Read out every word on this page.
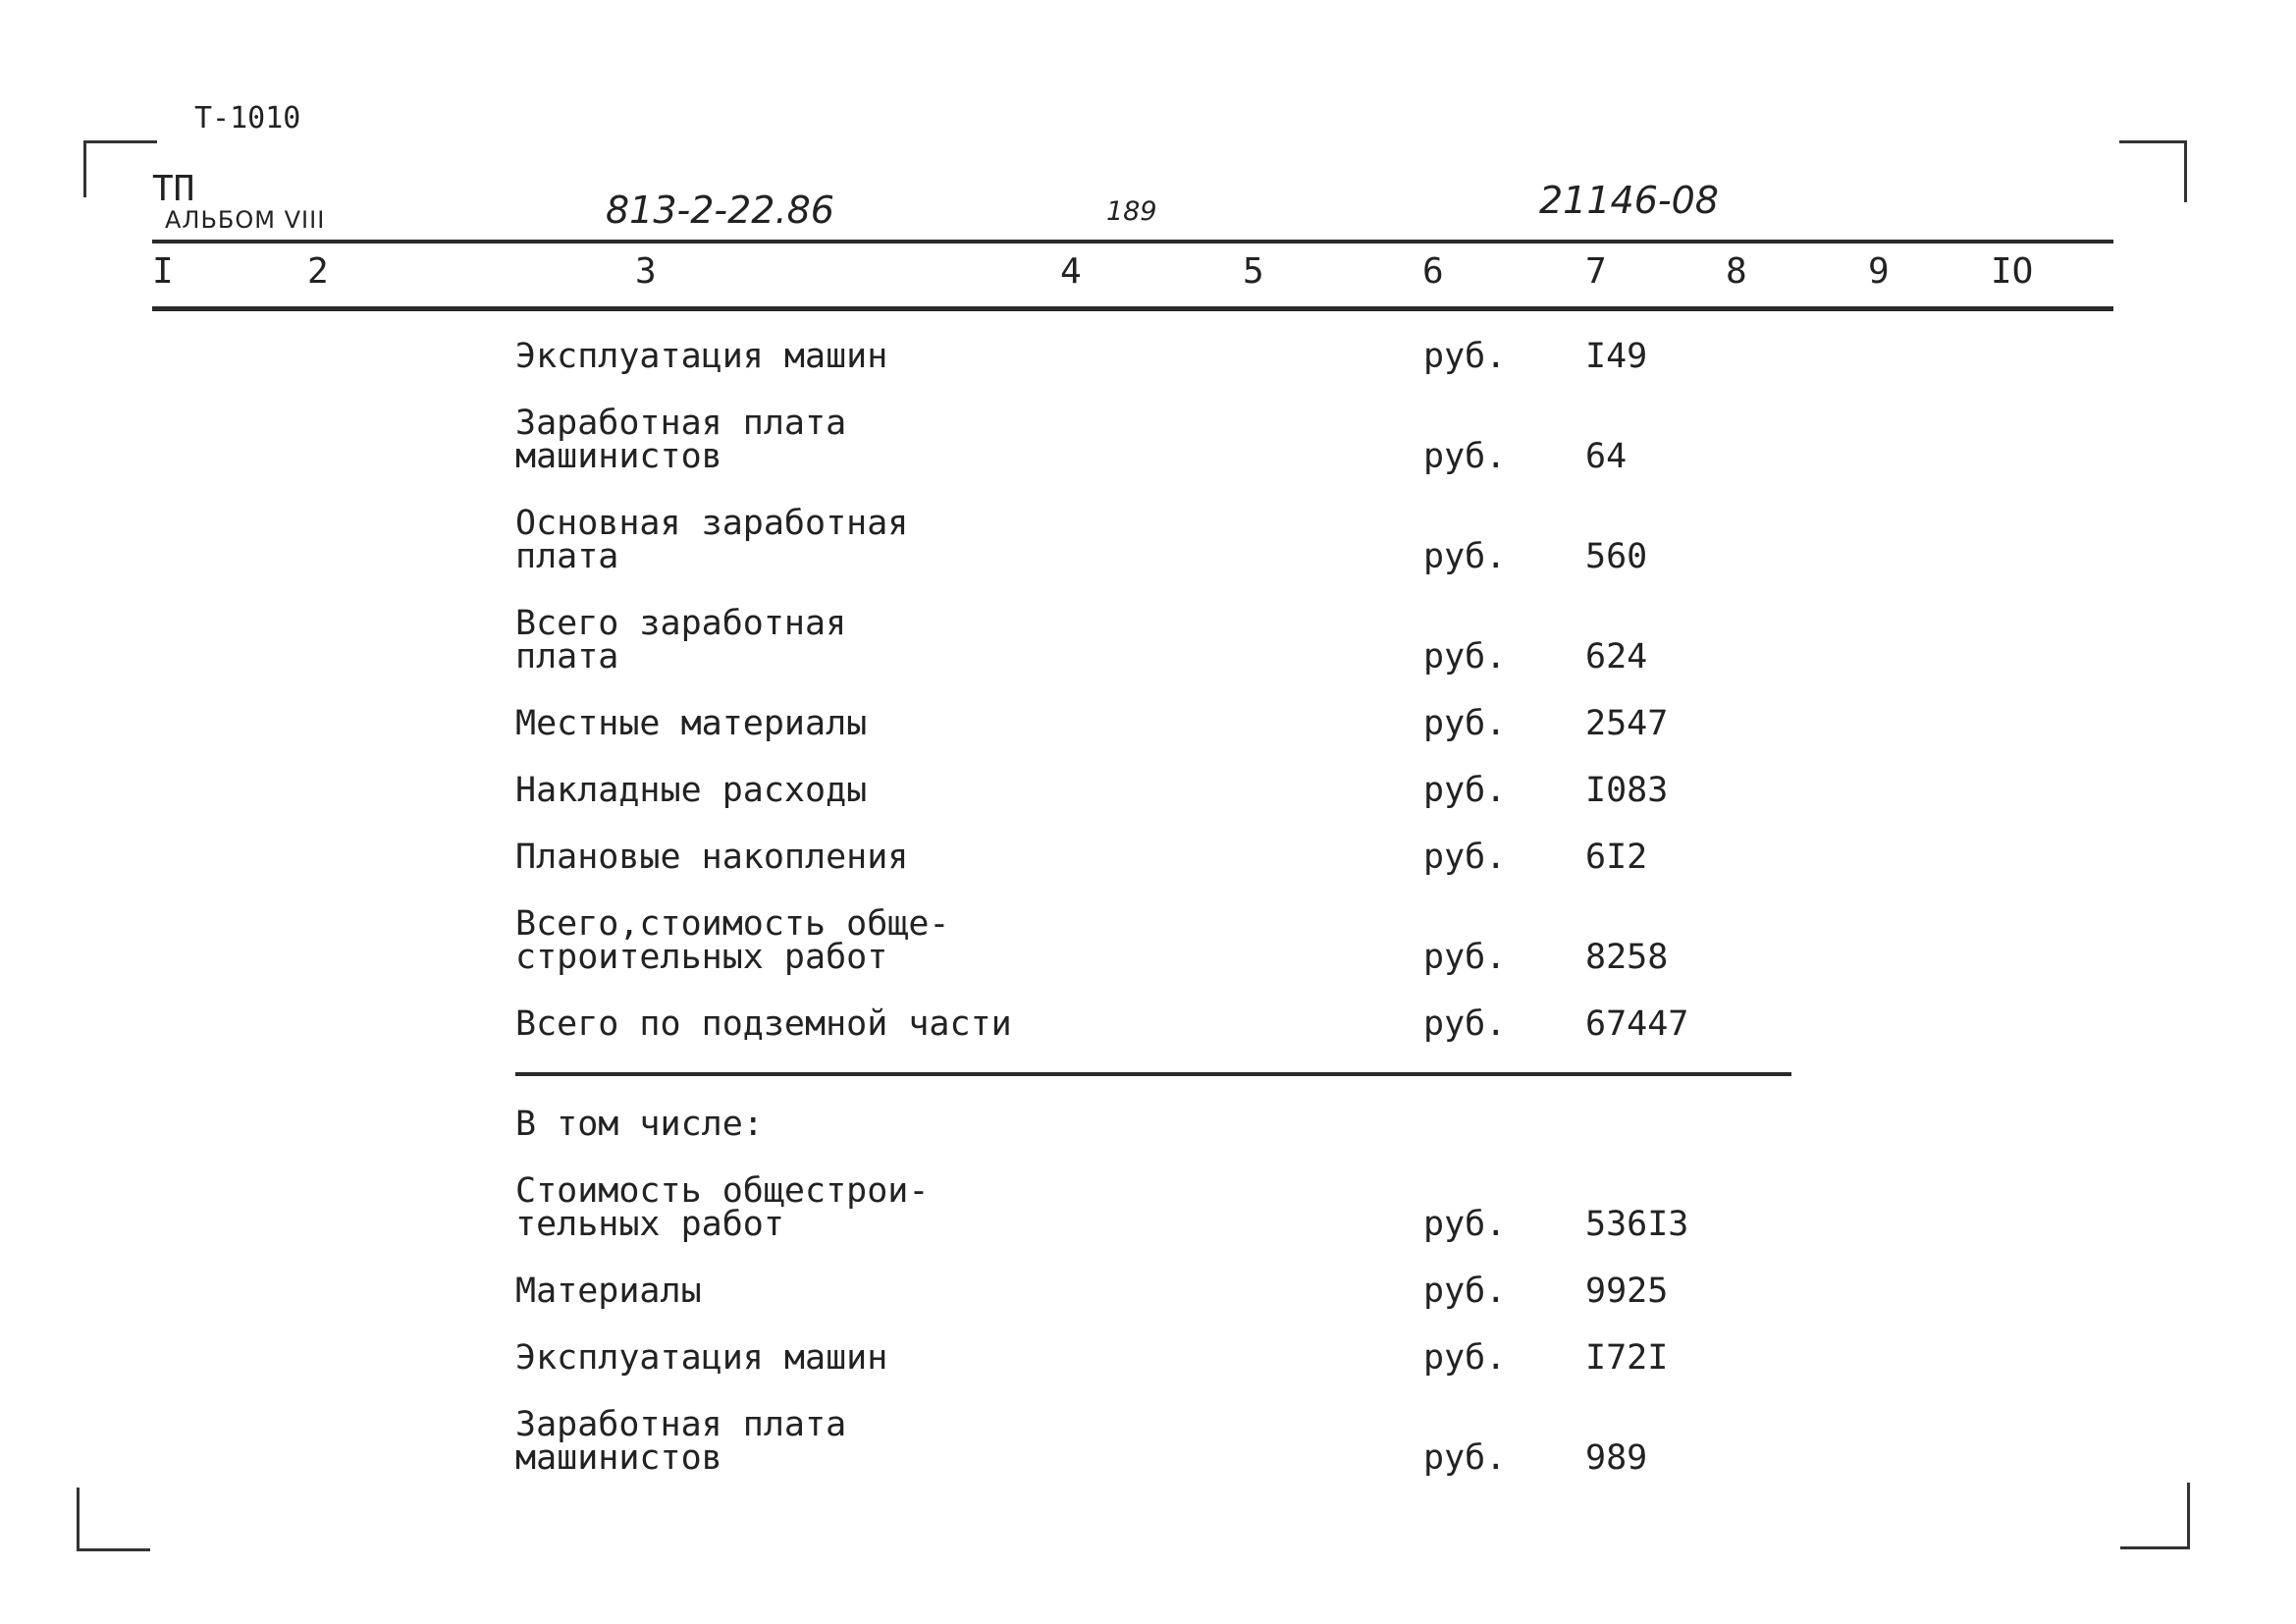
Т-1010
ТП
АЛЬБОМ VIII	813-2-22.86	189	21146-08
I	2	3	4	5	6	7	8	9	IO
Эксплуатация машин	руб. I49
Заработная плата
машинистов	руб. 64
Основная заработная
плата	руб. 560
Всего заработная
плата	руб. 624
Местные материалы	руб. 2547
Накладные расходы	руб. I083
Плановые накопления	руб. 6I2
Всего,стоимость обще-
строительных работ	руб. 8258
Всего по подземной части	руб. 67447
В том числе:
Стоимость общестрои-
тельных работ	руб. 536I3
Материалы	руб. 9925
Эксплуатация машин	руб. I72I
Заработная плата
машинистов	руб. 989
